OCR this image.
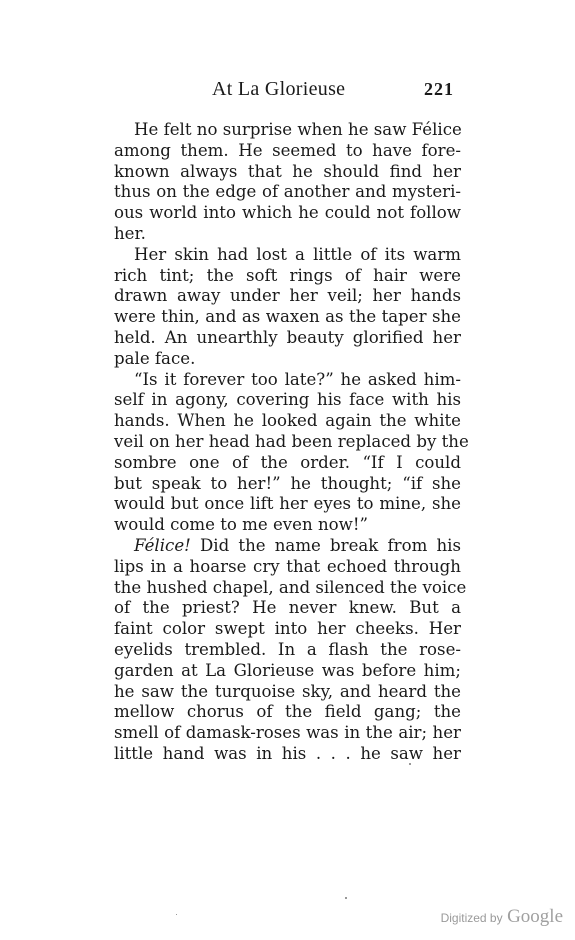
At La Glorieuse	221
He felt no surprise when he saw Félice
among them. He seemed to have fore-
known always that he should find her
thus on the edge of another and mysteri-
ous world into which he could not follow
her.
Her skin had lost a little of its warm
rich tint; the soft rings of hair were
drawn away under her veil; her hands
were thin, and as waxen as the taper she
held. An unearthly beauty glorified her
pale face.
“Is it forever too late?” he asked him-
self in agony, covering his face with his
hands. When he looked again the white
veil on her head had been replaced by the
sombre one of the order. “If I could
but speak to her!” he thought; “if she
would but once lift her eyes to mine, she
would come to me even now!”
Félice! Did the name break from his
lips in a hoarse cry that echoed through
the hushed chapel, and silenced the voice
of the priest? He never knew. But a
faint color swept into her cheeks. Her
eyelids trembled. In a flash the rose-
garden at La Glorieuse was before him;
he saw the turquoise sky, and heard the
mellow chorus of the field gang; the
smell of damask-roses was in the air; her
little hand was in his . . . he saw her
Digitized by Google
